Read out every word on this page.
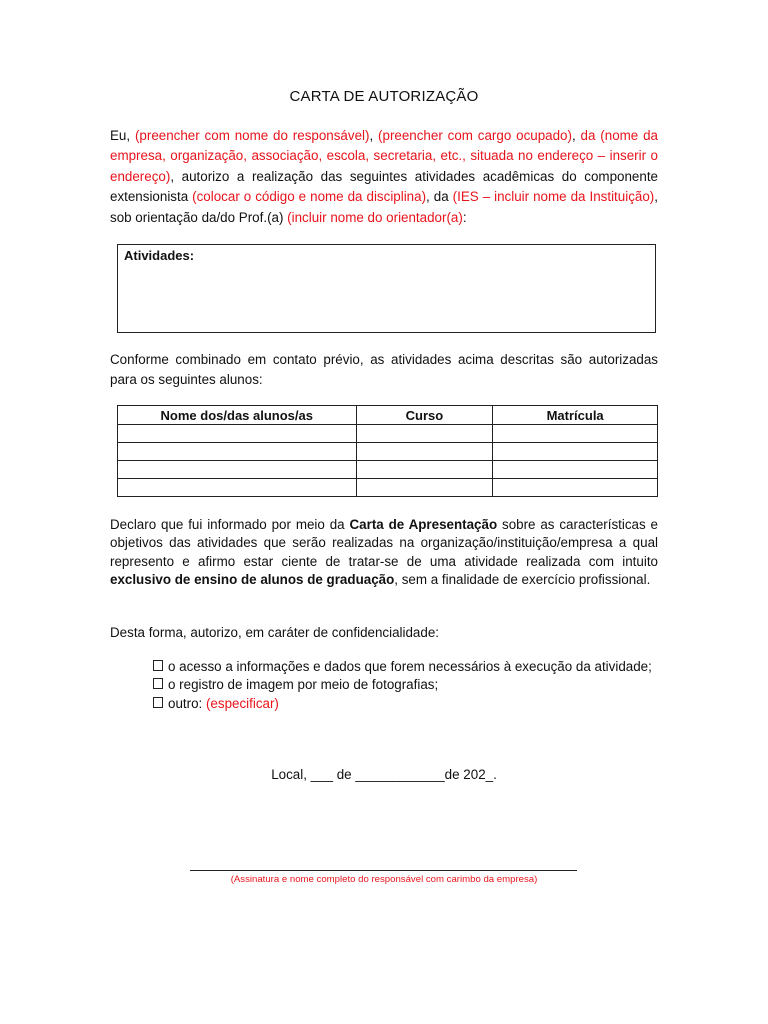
CARTA DE AUTORIZAÇÃO
Eu, (preencher com nome do responsável), (preencher com cargo ocupado), da (nome da empresa, organização, associação, escola, secretaria, etc., situada no endereço – inserir o endereço), autorizo a realização das seguintes atividades acadêmicas do componente extensionista (colocar o código e nome da disciplina), da (IES – incluir nome da Instituição), sob orientação da/do Prof.(a) (incluir nome do orientador(a):
Atividades:
Conforme combinado em contato prévio, as atividades acima descritas são autorizadas para os seguintes alunos:
Nome dos/das alunos/as	Curso	Matrícula

Declaro que fui informado por meio da Carta de Apresentação sobre as características e objetivos das atividades que serão realizadas na organização/instituição/empresa a qual represento e afirmo estar ciente de tratar-se de uma atividade realizada com intuito exclusivo de ensino de alunos de graduação, sem a finalidade de exercício profissional.
Desta forma, autorizo, em caráter de confidencialidade:
o acesso a informações e dados que forem necessários à execução da atividade;
o registro de imagem por meio de fotografias;
outro: (especificar)
Local, ___ de ____________de 202_.
(Assinatura e nome completo do responsável com carimbo da empresa)
